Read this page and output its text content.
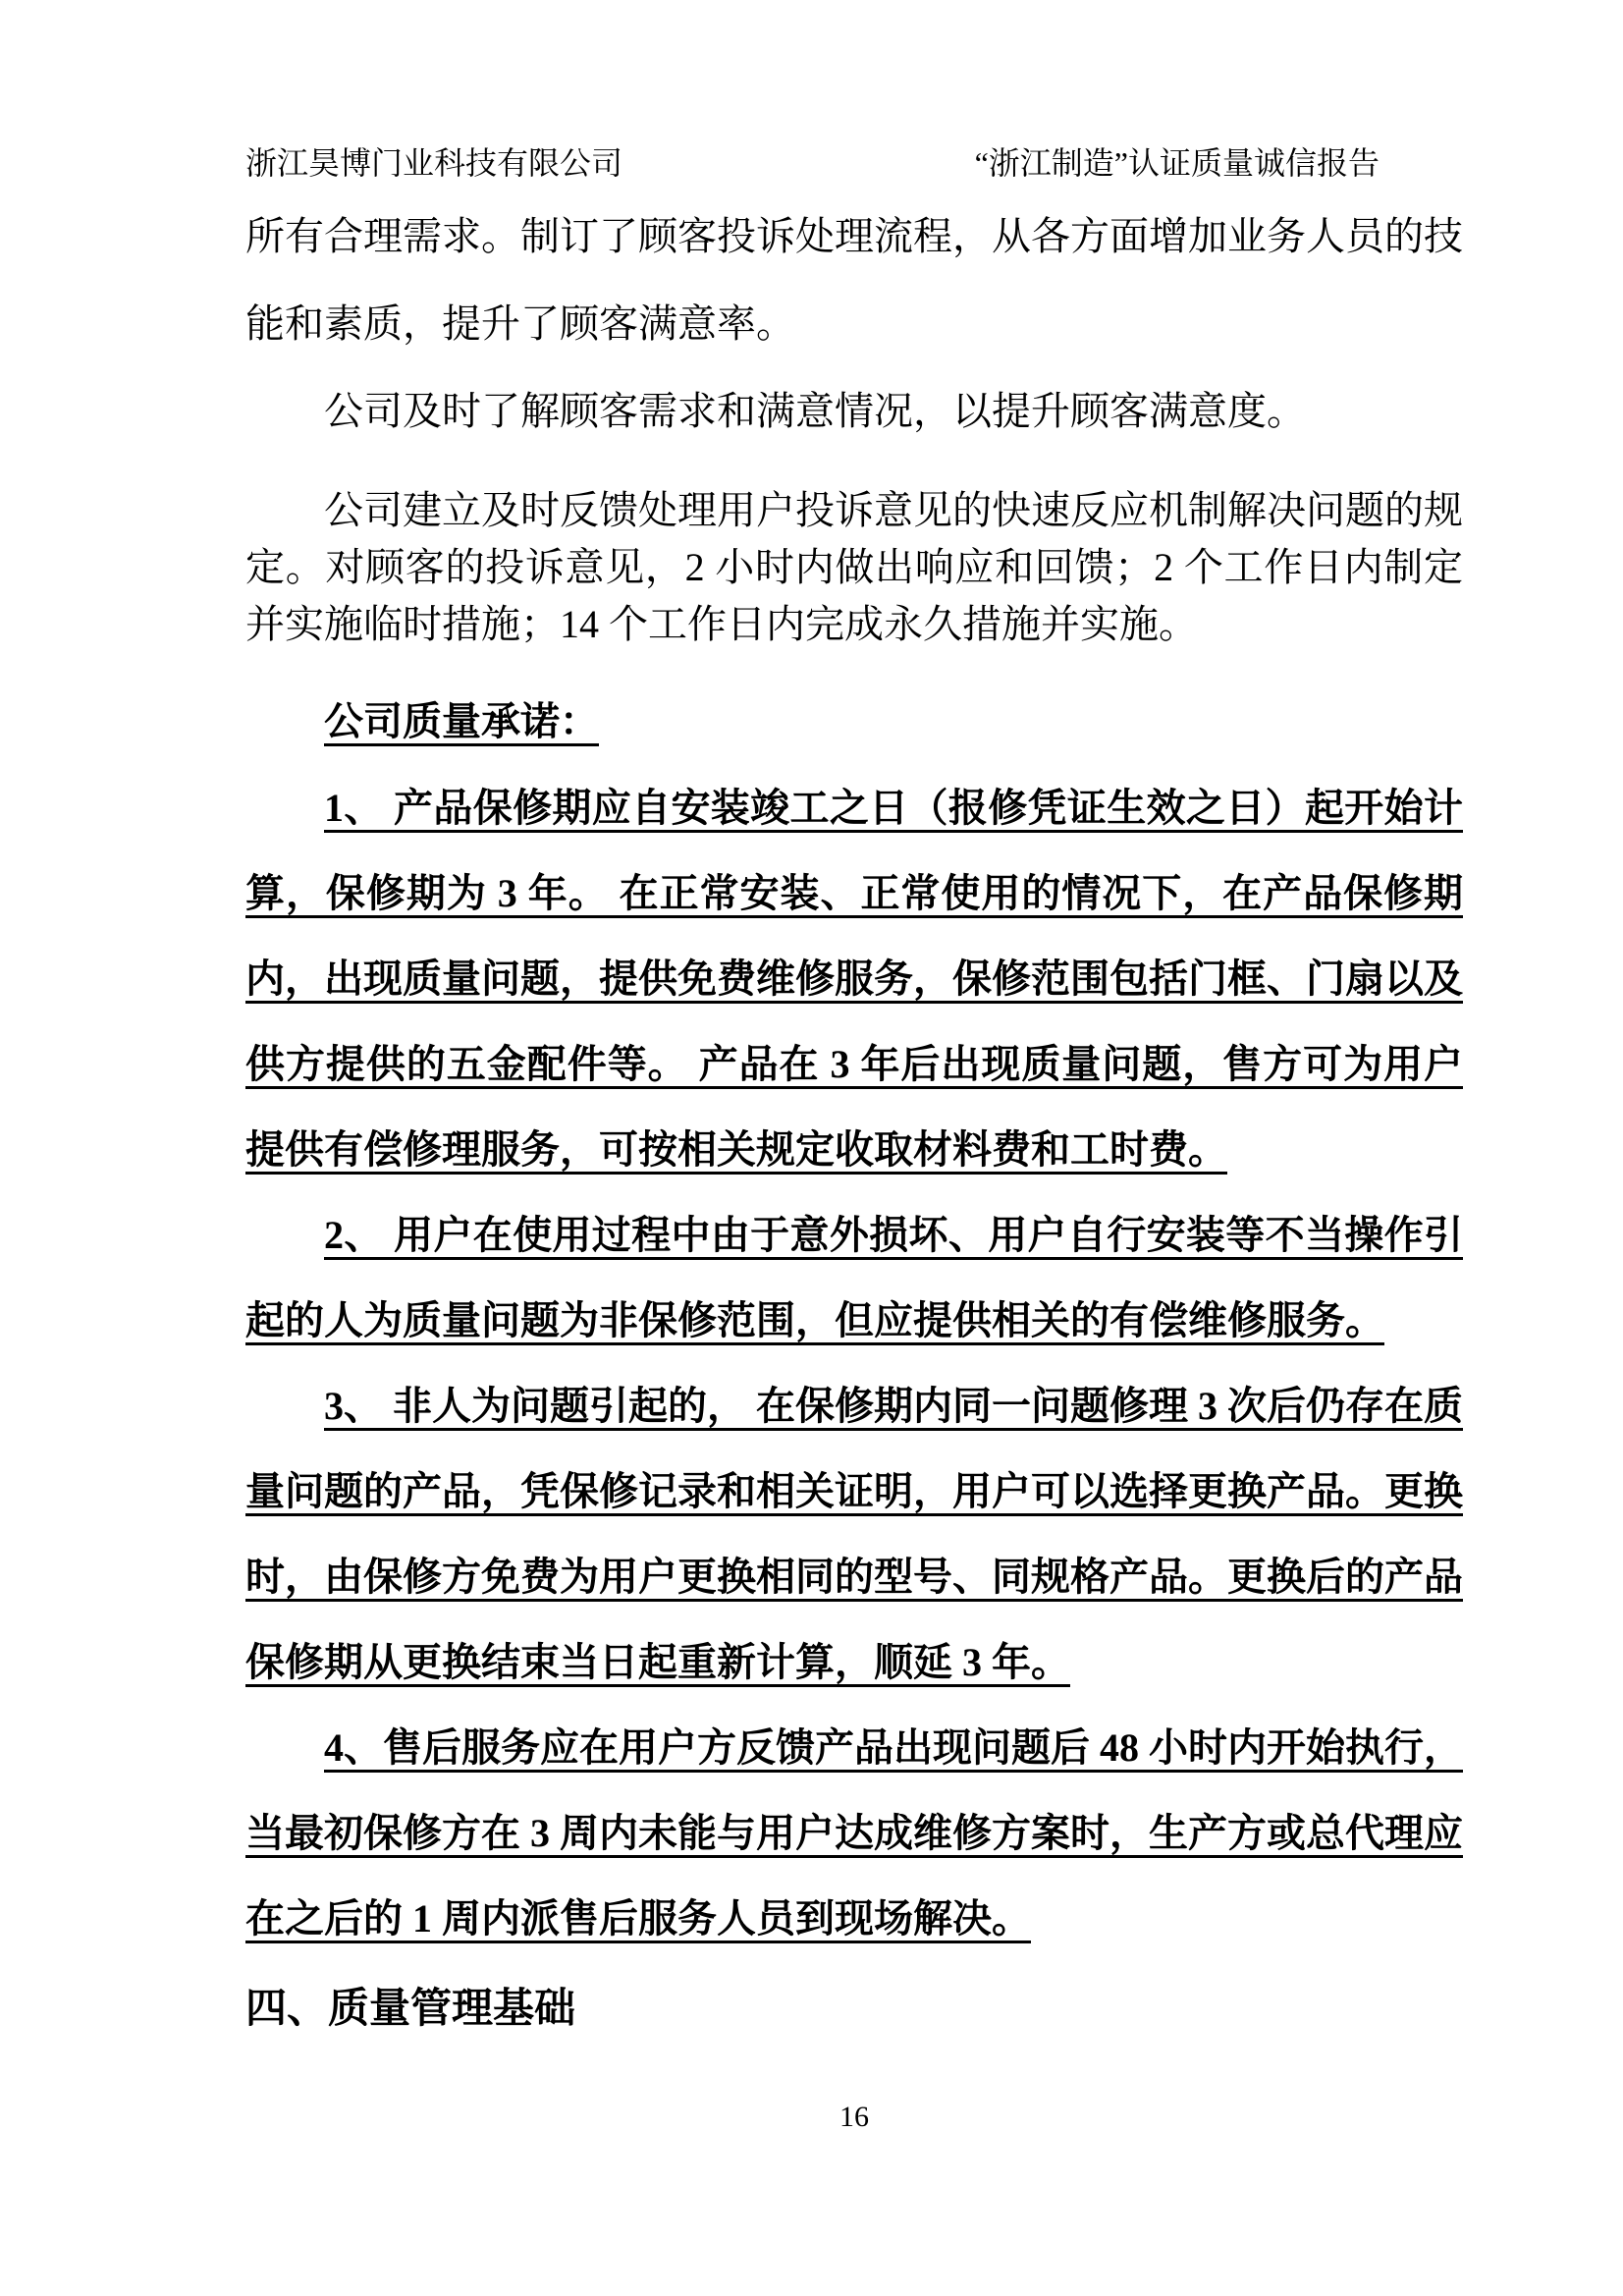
浙江昊博门业科技有限公司	“浙江制造”认证质量诚信报告

所有合理需求。制订了顾客投诉处理流程，从各方面增加业务人员的技能和素质，提升了顾客满意率。

公司及时了解顾客需求和满意情况，以提升顾客满意度。

公司建立及时反馈处理用户投诉意见的快速反应机制解决问题的规定。对顾客的投诉意见，2 小时内做出响应和回馈；2 个工作日内制定并实施临时措施；14 个工作日内完成永久措施并实施。

公司质量承诺：

1、 产品保修期应自安装竣工之日（报修凭证生效之日）起开始计算，保修期为 3 年。 在正常安装、正常使用的情况下，在产品保修期内，出现质量问题，提供免费维修服务，保修范围包括门框、门扇以及供方提供的五金配件等。 产品在 3 年后出现质量问题，售方可为用户提供有偿修理服务，可按相关规定收取材料费和工时费。

2、 用户在使用过程中由于意外损坏、用户自行安装等不当操作引起的人为质量问题为非保修范围，但应提供相关的有偿维修服务。

3、 非人为问题引起的， 在保修期内同一问题修理 3 次后仍存在质量问题的产品，凭保修记录和相关证明，用户可以选择更换产品。更换时，由保修方免费为用户更换相同的型号、同规格产品。更换后的产品保修期从更换结束当日起重新计算，顺延 3 年。

4、售后服务应在用户方反馈产品出现问题后 48 小时内开始执行，当最初保修方在 3 周内未能与用户达成维修方案时，生产方或总代理应在之后的 1 周内派售后服务人员到现场解决。

四、质量管理基础

16
